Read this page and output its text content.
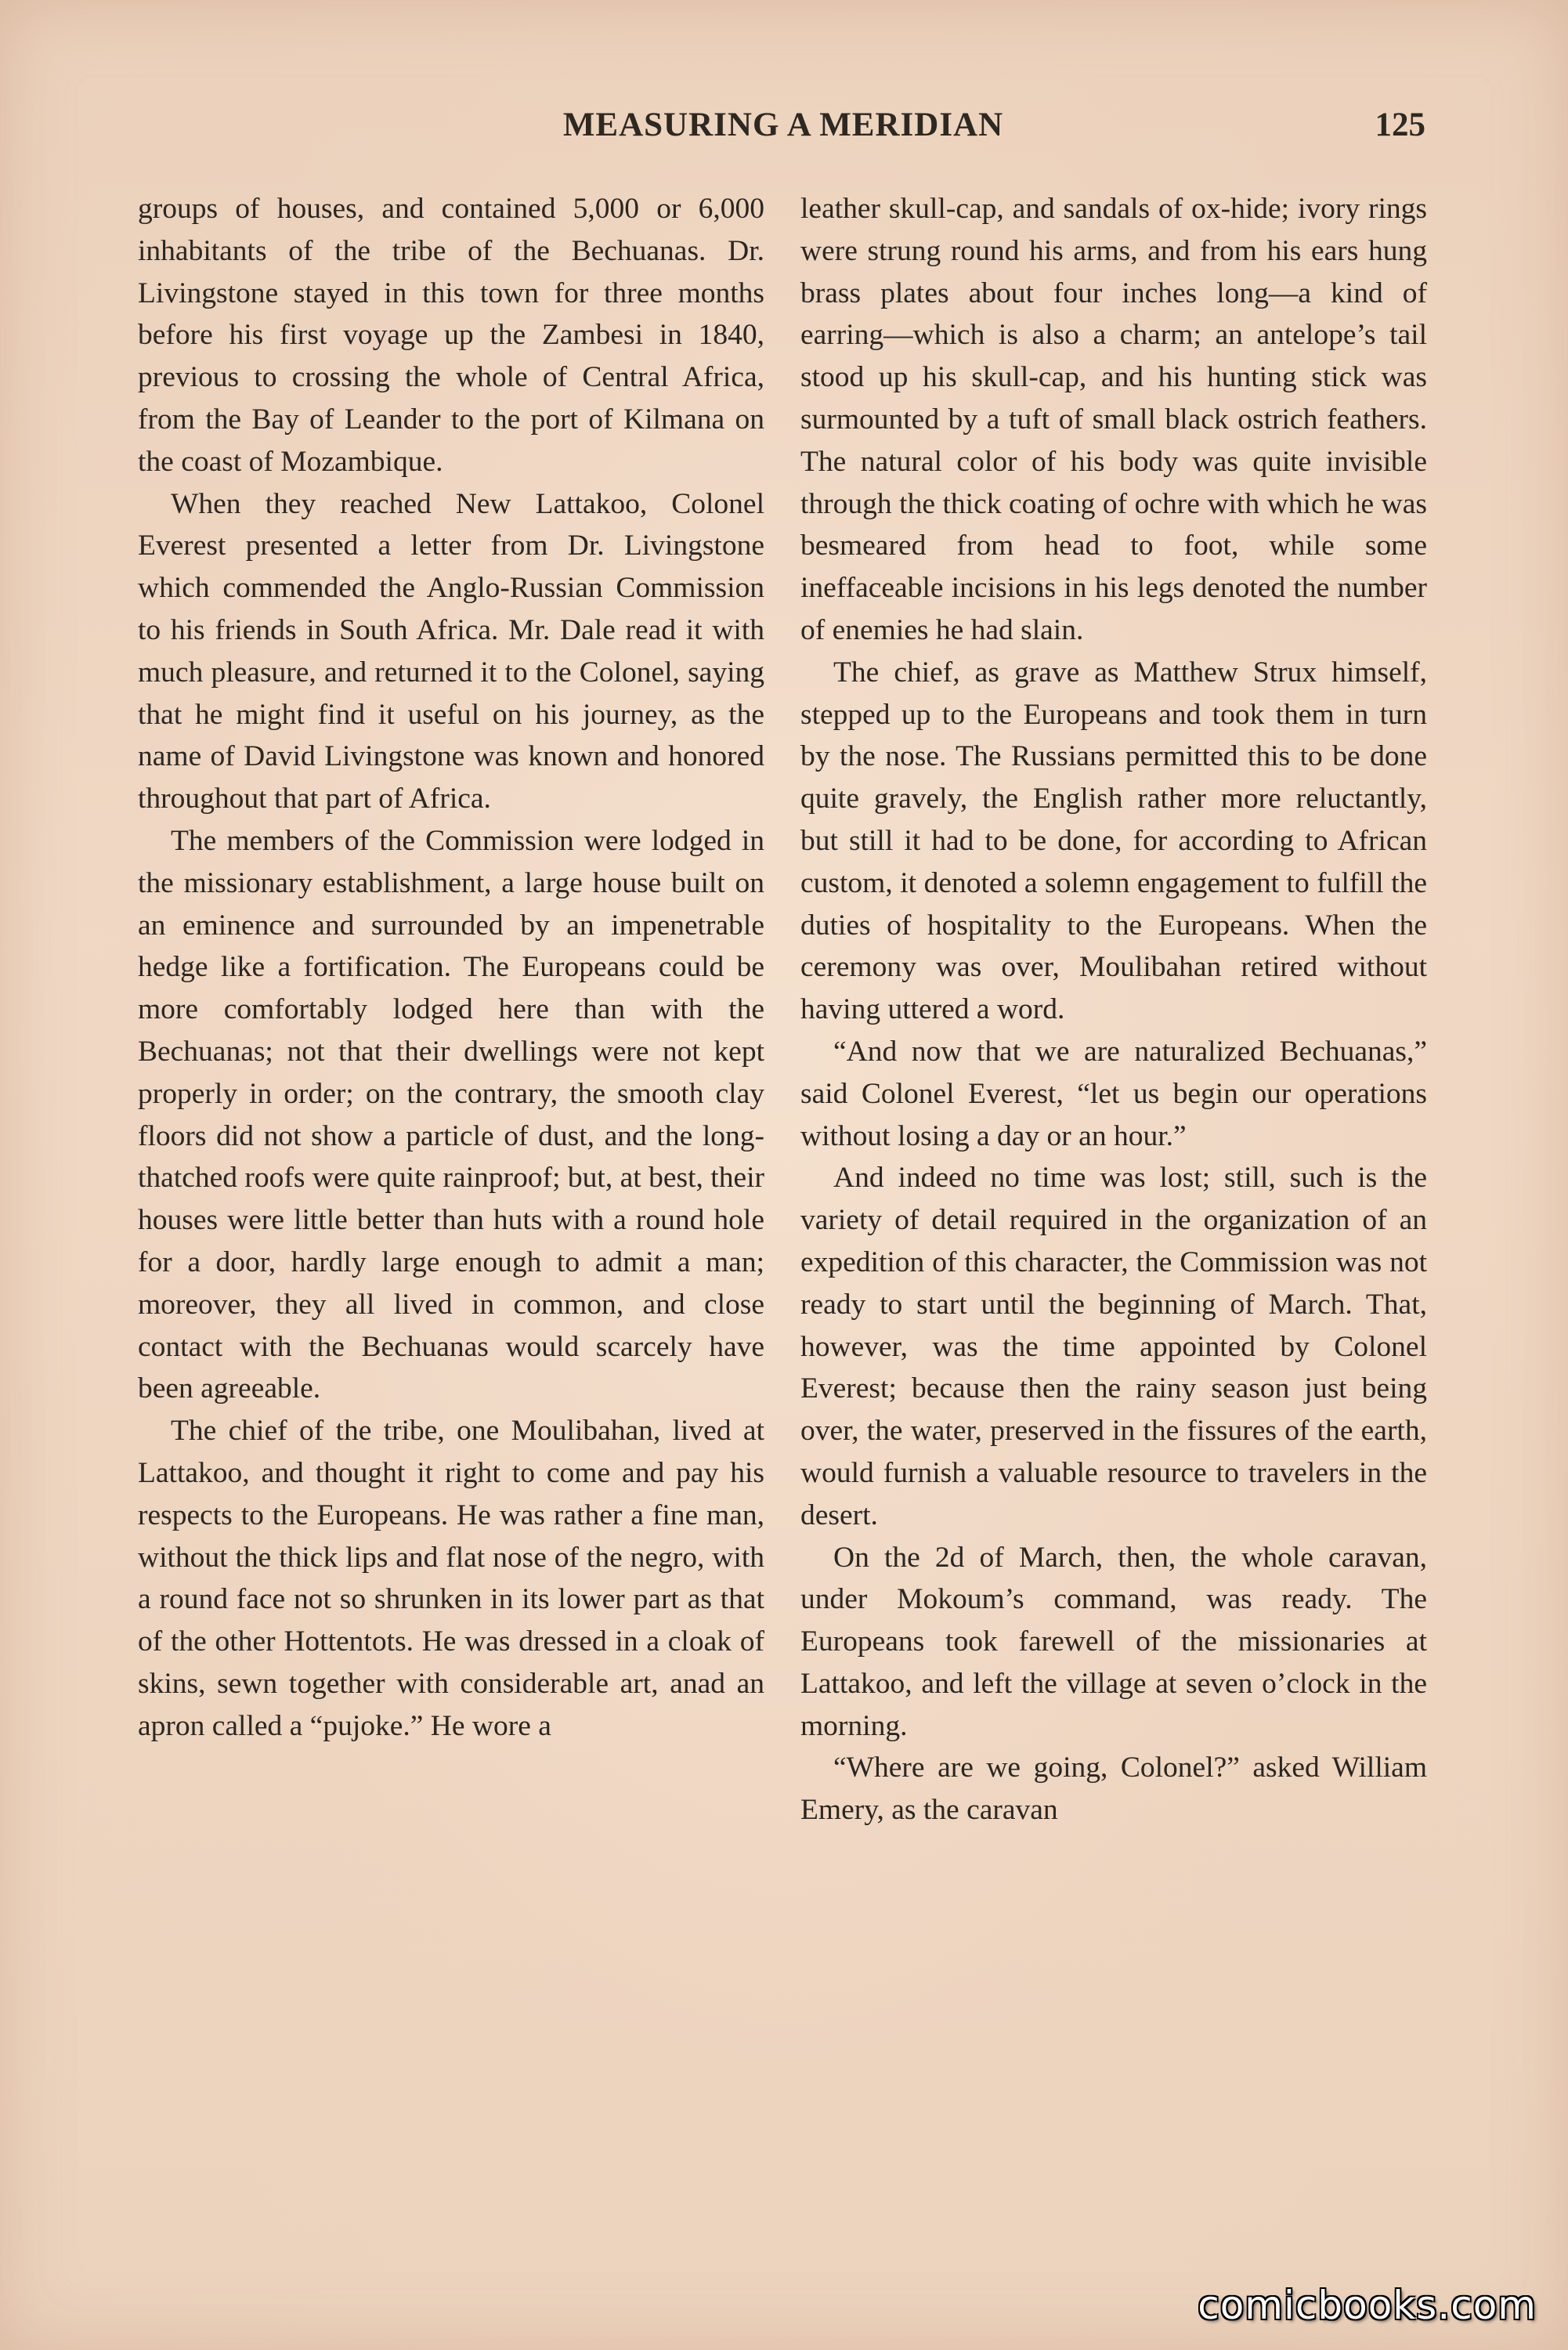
MEASURING A MERIDIAN	125

groups of houses, and contained 5,000 or 6,000 inhabitants of the tribe of the Bechuanas. Dr. Livingstone stayed in this town for three months before his first voyage up the Zambesi in 1840, previous to crossing the whole of Central Africa, from the Bay of Leander to the port of Kilmana on the coast of Mozambique.

When they reached New Lattakoo, Colonel Everest presented a letter from Dr. Livingstone which commended the Anglo-Russian Commission to his friends in South Africa. Mr. Dale read it with much pleasure, and returned it to the Colonel, saying that he might find it useful on his journey, as the name of David Livingstone was known and honored throughout that part of Africa.

The members of the Commission were lodged in the missionary establishment, a large house built on an eminence and surrounded by an impenetrable hedge like a fortification. The Europeans could be more comfortably lodged here than with the Bechuanas; not that their dwellings were not kept properly in order; on the contrary, the smooth clay floors did not show a particle of dust, and the long-thatched roofs were quite rainproof; but, at best, their houses were little better than huts with a round hole for a door, hardly large enough to admit a man; moreover, they all lived in common, and close contact with the Bechuanas would scarcely have been agreeable.

The chief of the tribe, one Moulibahan, lived at Lattakoo, and thought it right to come and pay his respects to the Europeans. He was rather a fine man, without the thick lips and flat nose of the negro, with a round face not so shrunken in its lower part as that of the other Hottentots. He was dressed in a cloak of skins, sewn together with considerable art, anad an apron called a “pujoke.” He wore a

leather skull-cap, and sandals of ox-hide; ivory rings were strung round his arms, and from his ears hung brass plates about four inches long—a kind of earring—which is also a charm; an antelope’s tail stood up his skull-cap, and his hunting stick was surmounted by a tuft of small black ostrich feathers. The natural color of his body was quite invisible through the thick coating of ochre with which he was besmeared from head to foot, while some ineffaceable incisions in his legs denoted the number of enemies he had slain.

The chief, as grave as Matthew Strux himself, stepped up to the Europeans and took them in turn by the nose. The Russians permitted this to be done quite gravely, the English rather more reluctantly, but still it had to be done, for according to African custom, it denoted a solemn engagement to fulfill the duties of hospitality to the Europeans. When the ceremony was over, Moulibahan retired without having uttered a word.

“And now that we are naturalized Bechuanas,” said Colonel Everest, “let us begin our operations without losing a day or an hour.”

And indeed no time was lost; still, such is the variety of detail required in the organization of an expedition of this character, the Commission was not ready to start until the beginning of March. That, however, was the time appointed by Colonel Everest; because then the rainy season just being over, the water, preserved in the fissures of the earth, would furnish a valuable resource to travelers in the desert.

On the 2d of March, then, the whole caravan, under Mokoum’s command, was ready. The Europeans took farewell of the missionaries at Lattakoo, and left the village at seven o’clock in the morning.

“Where are we going, Colonel?” asked William Emery, as the caravan

comicbooks.com
